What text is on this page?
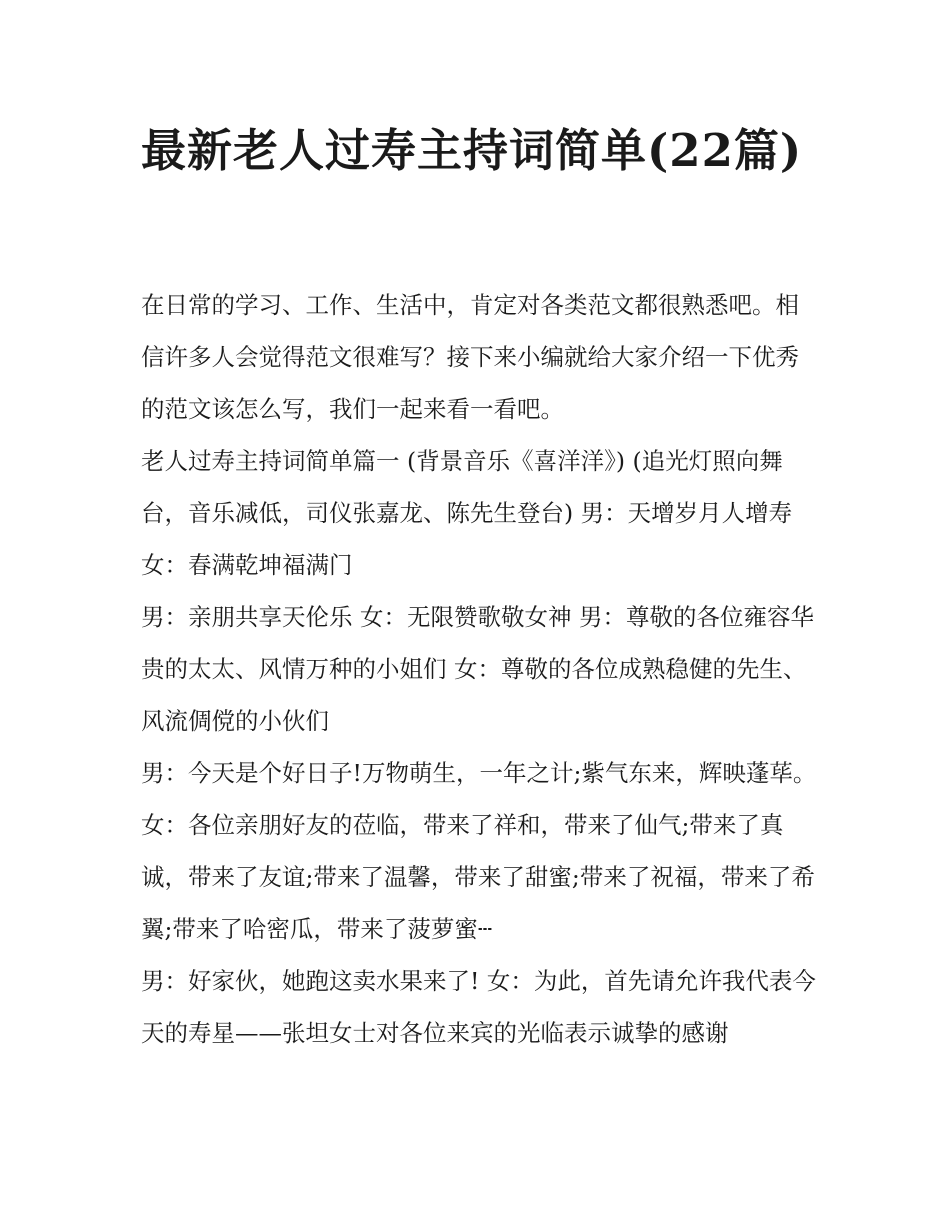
最新老人过寿主持词简单(22篇)

在日常的学习、工作、生活中，肯定对各类范文都很熟悉吧。相信许多人会觉得范文很难写？接下来小编就给大家介绍一下优秀的范文该怎么写，我们一起来看一看吧。

老人过寿主持词简单篇一 (背景音乐《喜洋洋》) (追光灯照向舞台，音乐减低，司仪张嘉龙、陈先生登台) 男：天增岁月人增寿 女：春满乾坤福满门

男：亲朋共享天伦乐 女：无限赞歌敬女神 男：尊敬的各位雍容华贵的太太、风情万种的小姐们 女：尊敬的各位成熟稳健的先生、风流倜傥的小伙们

男：今天是个好日子!万物萌生，一年之计;紫气东来，辉映蓬荜。

女：各位亲朋好友的莅临，带来了祥和，带来了仙气;带来了真诚，带来了友谊;带来了温馨，带来了甜蜜;带来了祝福，带来了希翼;带来了哈密瓜，带来了菠萝蜜┄

男：好家伙，她跑这卖水果来了! 女：为此，首先请允许我代表今天的寿星——张坦女士对各位来宾的光临表示诚挚的感谢
